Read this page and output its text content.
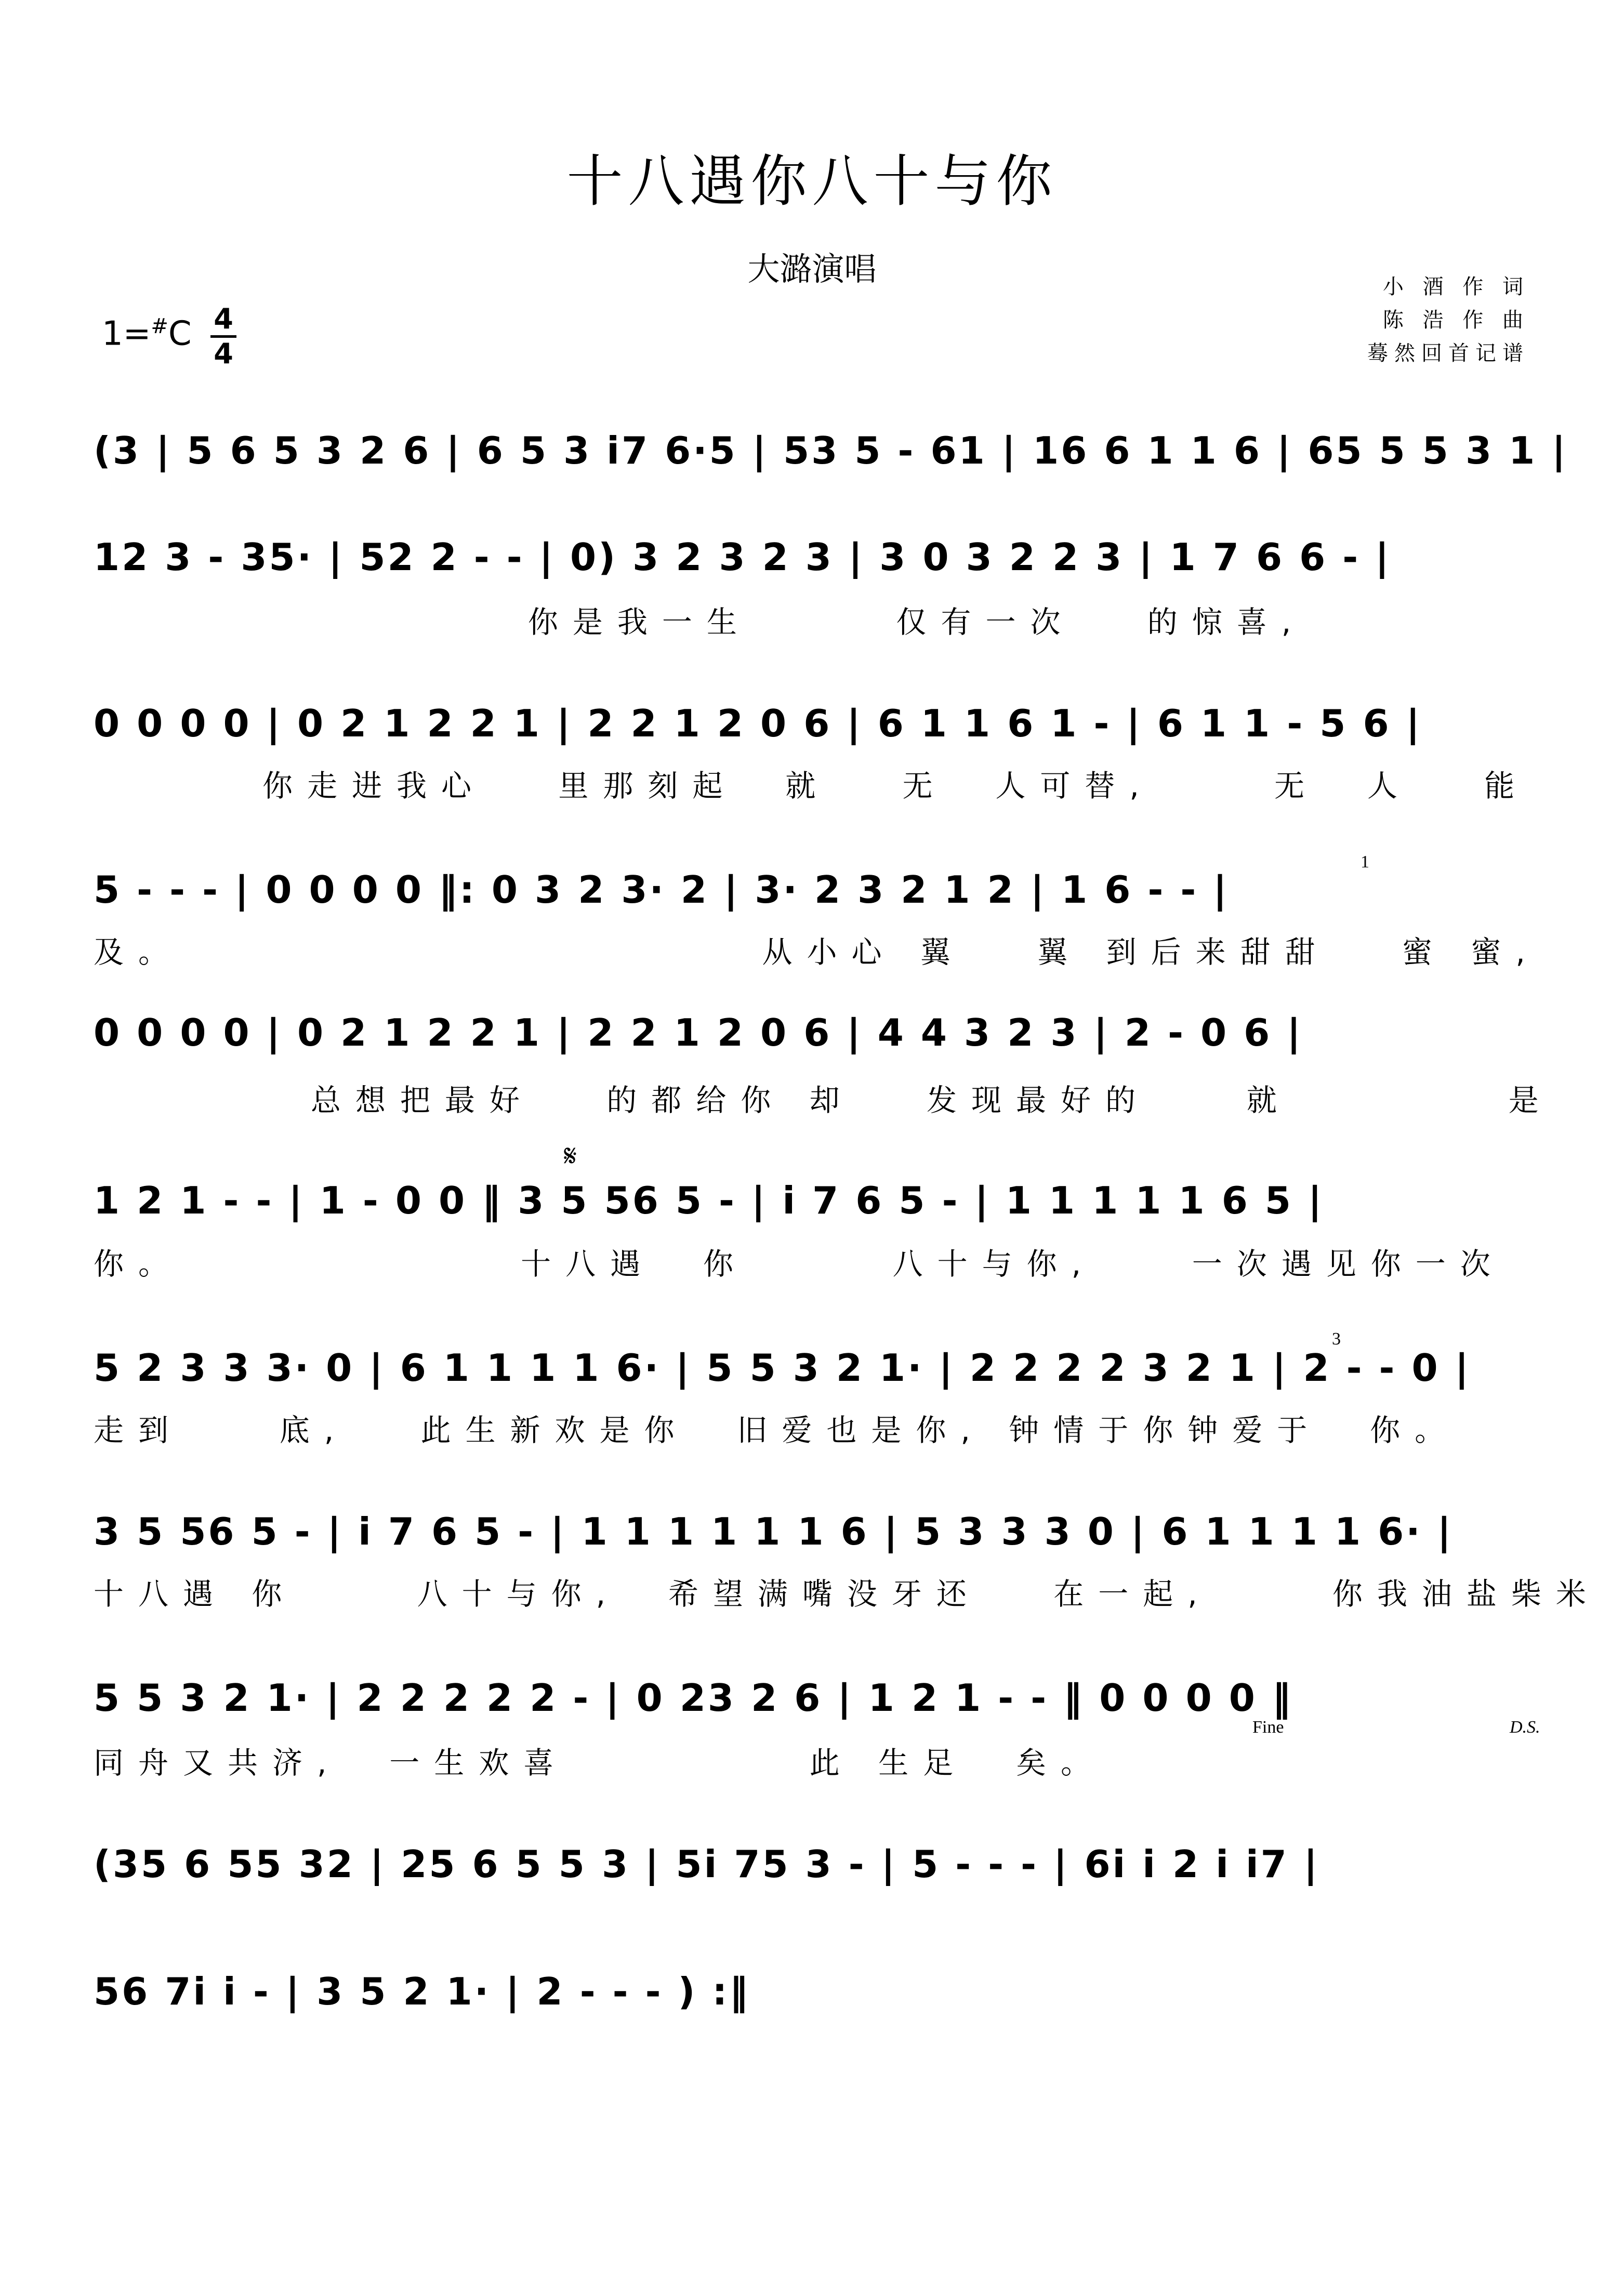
十八遇你八十与你
大潞演唱	小 酒 作 词
陈 浩 作 曲
蓦然回首记谱
1=#C 4
4
(3 | 5 6 5 3 2 6 | 6 5 3 i7 6·5 | 53 5 - 61 | 16 6 1 1 6 | 65 5 5 3 1 |
12 3 - 35· | 52 2 - - | 0) 3 2 3 2 3 | 3 0 3 2 2 3 | 1 7 6 6 - |
你是我一生      仅有一次   的惊喜,
0 0 0 0 | 0 2 1 2 2 1 | 2 2 1 2 0 6 | 6 1 1 6 1 - | 6 1 1 - 5 6 |
你走进我心   里那刻起  就   无  人可替,     无  人   能
5 - - - | 0 0 0 0 ‖: 0 3 2 3· 2 | 3· 2 3 2 1 2 | 1 6 - - |
及。                        从小心 翼   翼 到后来甜甜   蜜 蜜,
1
0 0 0 0 | 0 2 1 2 2 1 | 2 2 1 2 0 6 | 4 4 3 2 3 | 2 - 0 6 |
总想把最好   的都给你 却   发现最好的    就         是
𝄋
1 2 1 - - | 1 - 0 0 ‖ 3 5 56 5 - | i 7 6 5 - | 1 1 1 1 1 6 5 |
你。              十八遇  你      八十与你,    一次遇见你一次
5 2 3 3 3· 0 | 6 1 1 1 1 6· | 5 5 3 2 1· | 2 2 2 2 3 2 1 | 2 - - 0 |
走到    底,   此生新欢是你  旧爱也是你, 钟情于你钟爱于  你。
3
3 5 56 5 - | i 7 6 5 - | 1 1 1 1 1 1 6 | 5 3 3 3 0 | 6 1 1 1 1 6· |
十八遇 你     八十与你,  希望满嘴没牙还   在一起,     你我油盐柴米
5 5 3 2 1· | 2 2 2 2 2 - | 0 23 2 6 | 1 2 1 - - ‖ 0 0 0 0 ‖
同舟又共济,  一生欢喜          此 生足  矣。
Fine	D.S.
(35 6 55 32 | 25 6 5 5 3 | 5i 75 3 - | 5 - - - | 6i i 2 i i7 |
56 7i i - | 3 5 2 1· | 2 - - - ) :‖
